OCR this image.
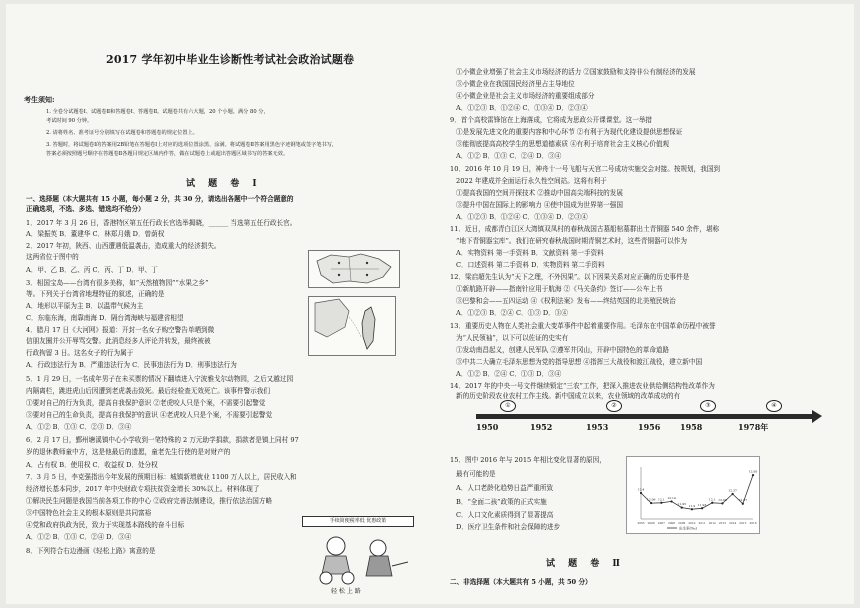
2017 学年初中毕业生诊断性考试社会政治试题卷
考生须知:
1. 全卷分试题卷Ⅰ、试题卷Ⅱ和答题卷Ⅰ、答题卷Ⅱ。试题卷共有六大题，20 个小题。满分 80 分，
考试时间 90 分钟。
2. 请将姓名、准考证号分别填写在试题卷和答题卷的规定位置上。
3. 答题时，将试题卷Ⅰ的答案用2B铅笔在答题卷Ⅰ上对应的选项位置涂黑、涂满。将试题卷Ⅱ答案用黑色字迹钢笔或签字笔书写，
答案必须按照题号顺序在答题卷Ⅱ各题目规定区域内作答，做在试题卷上或超出答题区域书写的答案无效。
试 题 卷 Ⅰ
一、选择题（本大题共有 15 小题，每小题 2 分，共 30 分，请选出各题中一个符合题意的
正确选项，不选、多选、错选均不给分）
1．2017 年 3 月 26 日，香港特区第五任行政长官选举揭晓，______ 当选第五任行政长官。
A．梁振英 B．董建华 C．林郑月娥 D．曾荫权
2．2017 年初，陕西、山西遭遇低温袭击，造成重大的经济损失。
这两省位于图中的
A．甲、乙 B．乙、丙 C．丙、丁 D．甲、丁
3．相国宝岛——台湾有很多美称，如“天然植物园”“水果之乡”
等。下列关于台湾省地理特征的叙述，正确的是
A．地形以平原为主 B．以温带气候为主
C．东临东海，南靠南海 D．隔台湾海峡与福建省相望
4．腊月 17 日《大河网》报道：开封一名女子购空警告单晒到微
信朋友圈并公开辱骂交警。此消息经多人评论并转发，最终被被
行政拘留 3 日。这名女子的行为属于
A．行政违法行为 B．严重违法行为 C．民事违法行为 D．刑事违法行为
5．1 月 29 日，一名成年男子在未买票的情况下翻墙进入宁波雅戈尔动物园，之后又越过园
内隔离栏，跳进虎山后因遭到老虎袭击致死。最后经检查无效死亡。该事件警示我们
①要对自己的行为负责，提高自我保护意识 ②老虎咬人只是个案，不需要引起警觉
③要对自己的生命负责，提高自我保护的意识 ④老虎咬人只是个案，不需要引起警觉
A．①② B．①③ C．②③ D．③④
6．2 月 17 日，鄞州塘溪镇中心小学收到一笔特殊的 2 万元助学捐款，捐款者是镇上同村 97
岁的退休教师童中方，这是他最后的遗愿，童老先生行使的是对财产的
A．占有权 B．使用权 C．收益权 D．处分权
7．3 月 5 日，李克强指出今年发展的预期目标：城镇新增就业 1100 万人以上，居民收入和
经济增长基本同步，2017 年中央财政专项扶贫资金增长 30%以上。材料体现了
①解决民生问题是我国当前各项工作的中心 ②政府完善法制建设，推行依法治国方略
③中国特色社会主义的根本原则是共同富裕
④党和政府执政为民，致力于实现基本路线的奋斗目标
A．①② B．①③ C．②④ D．③④
8．下列符合右边漫画《轻松上路》寓意的是
手续简便税率低 优惠政策
轻 松 上 路
①小微企业增强了社会主义市场经济的活力 ②国家鼓励和支持非公有制经济的发展
③小微企业在我国国民经济里占主导地位
④小微企业是社会主义市场经济的重要组成部分
A．①②③ B．①②④ C．①③④ D．②③④
9．首个高校雷锋馆在上海落成，它将成为思政公开课课堂。这一举措
①是发展先进文化的重要内容和中心环节 ②有利于为现代化建设提供思想保证
③能彻底提高高校学生的思想道德素质 ④有利于培育社会主义核心价值观
A．①② B．①③ C．②④ D．③④
10．2016 年 10 月 19 日，神舟十一号飞船与天宫二号成功实施交会对接。按规划，我国到
2022 年建成并全面运行永久性空间站。这将有利于
①提高我国的空间开探技术 ②推动中国高尖端科技的发展
③提升中国在国际上的影响力 ④使中国成为世界第一强国
A．①②③ B．①②④ C．①③④ D．②③④
11．近日，成都青白江区大湾镇双凤村的春秋战国古墓船棺墓群出土青铜器 540 余件，堪称
“地下青铜器宝库”。我们在研究春秋战国时期青铜艺术时，这些青铜器可以作为
A．实物资料 第一手资料 B．文献资料 第一手资料
C．口述资料 第二手资料 D．实物资料 第二手资料
12．梁启超先生认为“天下之理，不外因果”。以下因果关系对应正确的历史事件是
①新航路开辟——指南针应用于航海 ②《马关条约》签订——公车上书
③巴黎和会——五四运动 ④《权利法案》发布——终结英国的北美殖民统治
A．①②③ B．②④ C．①③ D．③④
13．重要历史人物在人类社会重大变革事件中起着重要作用。毛泽东在中国革命历程中被誉
为“人民领袖”，以下可以佐证的史实有
①发动南昌起义，创建人民军队 ②遵军井冈山，开辟中国特色的革命道路
③中共二大确立毛泽东思想为党的指导思想 ④指挥三大战役和渡江战役，建立新中国
A．①② B．②④ C．①③ D．③④
14．2017 年的中央一号文件继续锁定“三农”工作，把深入推进农业供给侧结构性改革作为
新的历史阶段农业农村工作主线。新中国成立以来，农业领域的改革成功的有
①	②	③	④
1950	1952	1953	1956 1958	1978年
15．图中 2016 年与 2015 年相比变化显著的原因，
最有可能的是
A．人口老龄化趋势日益严重所致
B．“全面二孩”政策的正式实施
C．人口文化素质得到了显著提高
D．医疗卫生条件和社会保障的进步
12.4
12.09 12.1 12.14
11.95 11.9 11.93
12.1 12.08
12.37
12.07
12.95
2005 2006 2007 2008 2009 2010 2011 2012 2013 2014 2015 2016
出生率(‰)
试 题 卷 Ⅱ
二、非选择题（本大题共有 5 小题，共 50 分）
